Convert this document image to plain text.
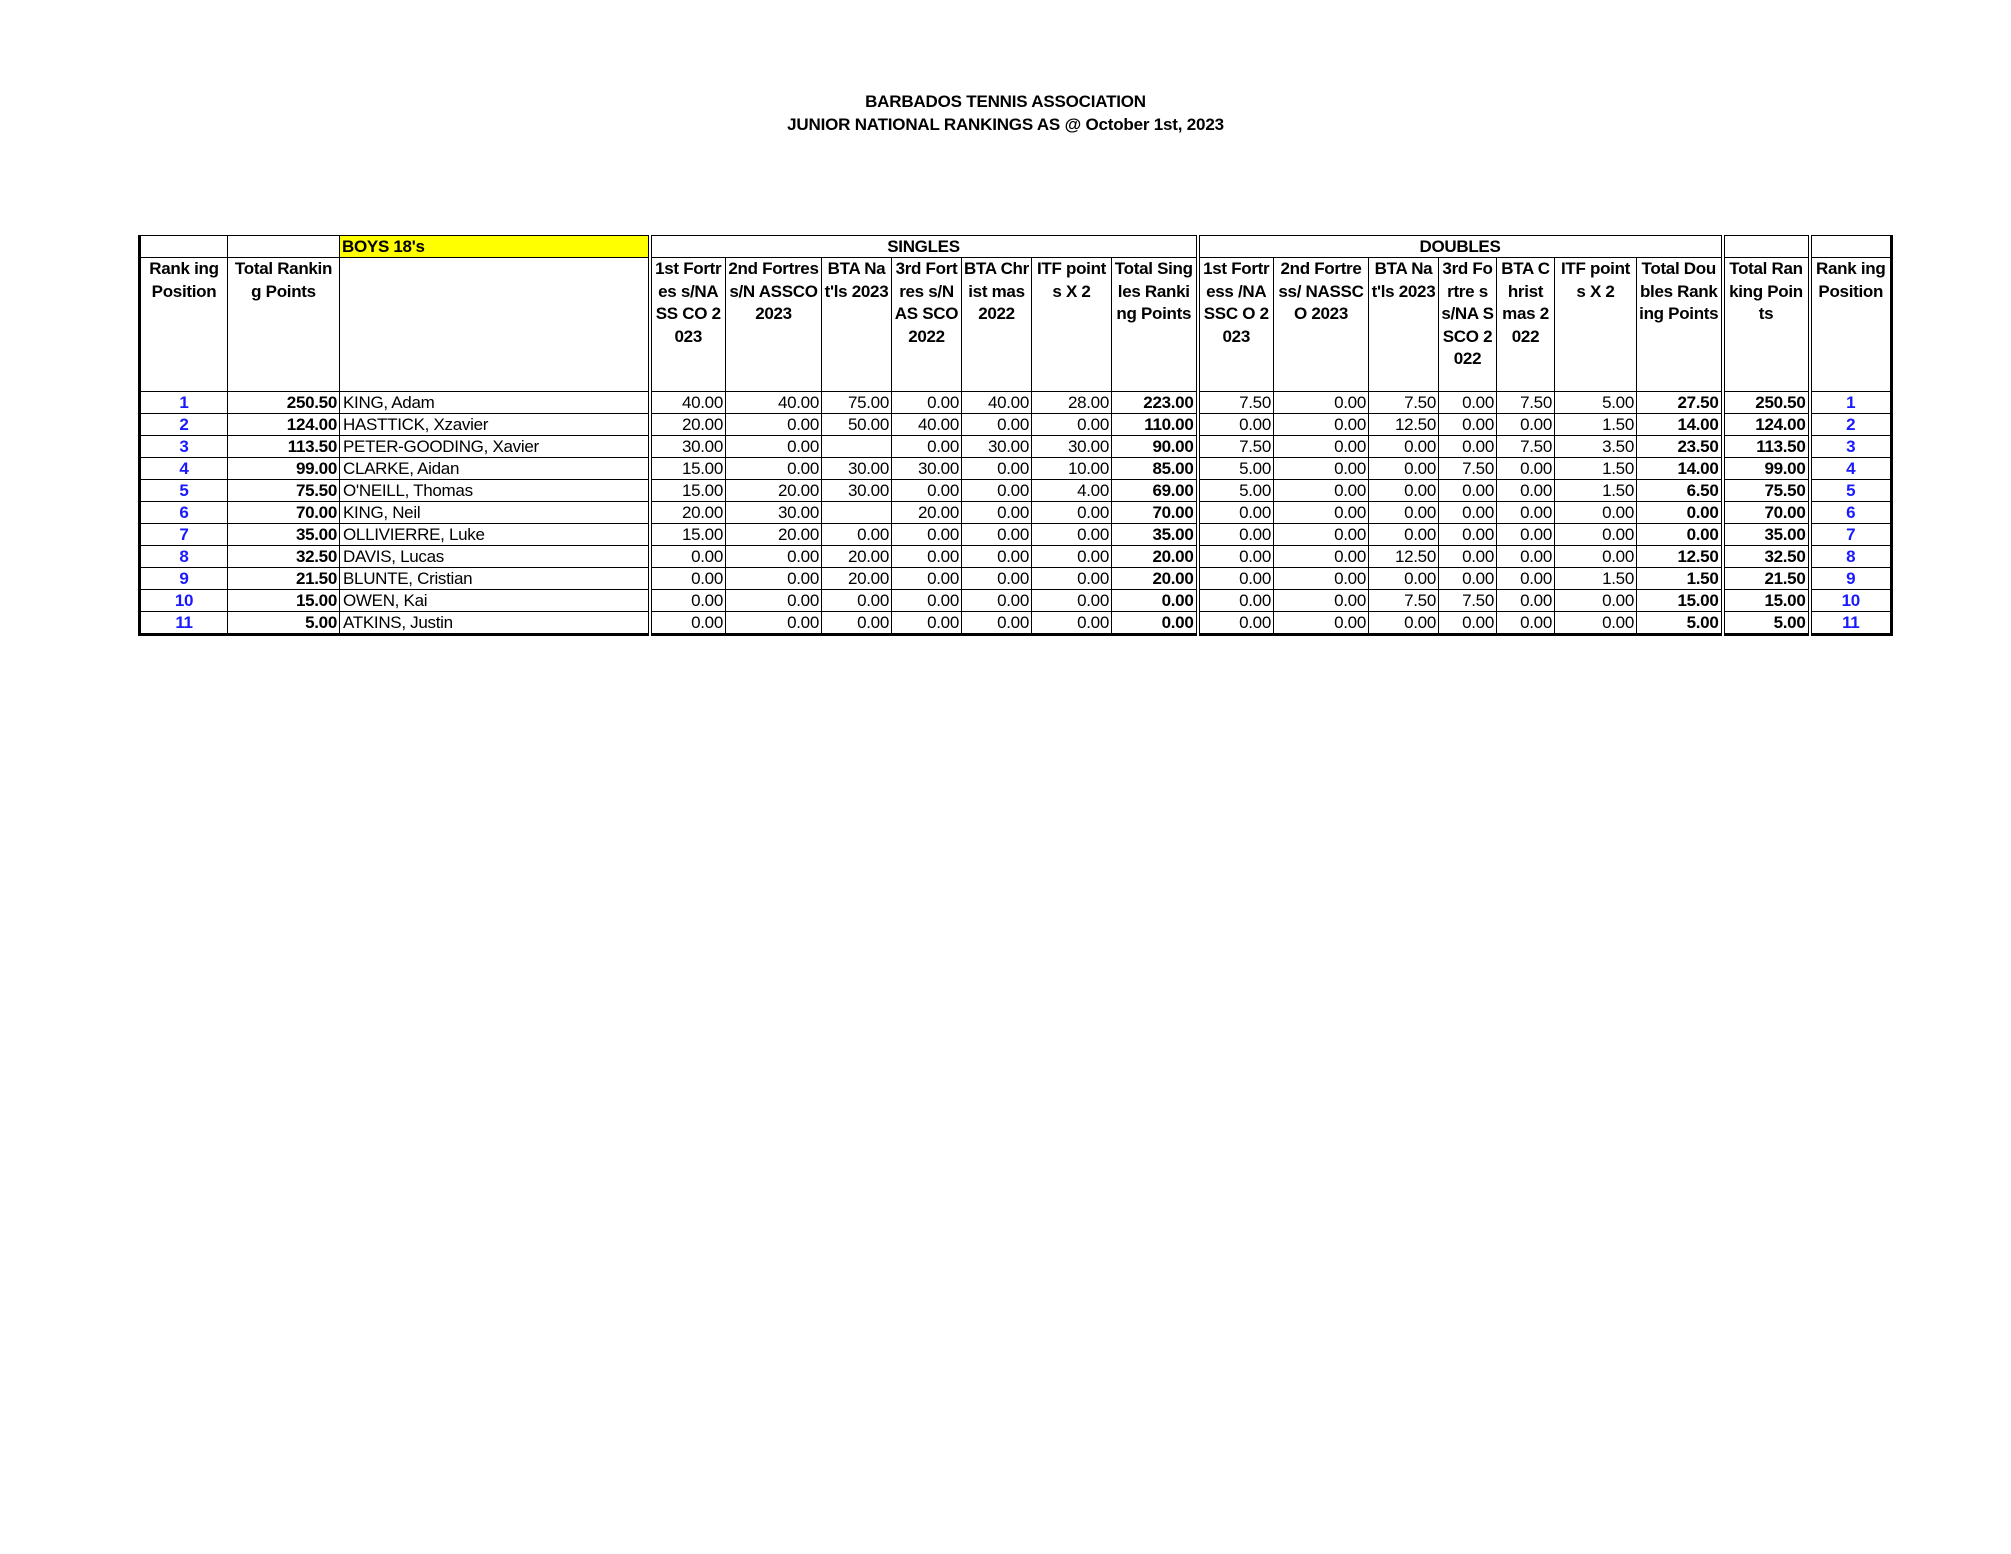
BARBADOS TENNIS ASSOCIATION
JUNIOR NATIONAL RANKINGS AS @ October 1st, 2023
		BOYS 18's	SINGLES							DOUBLES								
Rank ing Position	Total Ranking Points		1st Fortres s/NASS CO 2023	2nd Fortress/N ASSCO 2023	BTA Nat'ls 2023	3rd Fortres s/NAS SCO 2022	BTA Christ mas 2022	ITF points X 2	Total Singles Ranking Points	1st Fortress /NASSC O 2023	2nd Fortress/ NASSCO 2023	BTA Nat'ls 2023	3rd Fortre ss/NA SSCO 2022	BTA Christ mas 2022	ITF points X 2	Total Doubles Ranking Points	Total Ranking Points	Rank ing Position
1	250.50	KING, Adam	40.00	40.00	75.00	0.00	40.00	28.00	223.00	7.50	0.00	7.50	0.00	7.50	5.00	27.50	250.50	1
2	124.00	HASTTICK, Xzavier	20.00	0.00	50.00	40.00	0.00	0.00	110.00	0.00	0.00	12.50	0.00	0.00	1.50	14.00	124.00	2
3	113.50	PETER-GOODING, Xavier	30.00	0.00		0.00	30.00	30.00	90.00	7.50	0.00	0.00	0.00	7.50	3.50	23.50	113.50	3
4	99.00	CLARKE, Aidan	15.00	0.00	30.00	30.00	0.00	10.00	85.00	5.00	0.00	0.00	7.50	0.00	1.50	14.00	99.00	4
5	75.50	O'NEILL, Thomas	15.00	20.00	30.00	0.00	0.00	4.00	69.00	5.00	0.00	0.00	0.00	0.00	1.50	6.50	75.50	5
6	70.00	KING, Neil	20.00	30.00		20.00	0.00	0.00	70.00	0.00	0.00	0.00	0.00	0.00	0.00	0.00	70.00	6
7	35.00	OLLIVIERRE, Luke	15.00	20.00	0.00	0.00	0.00	0.00	35.00	0.00	0.00	0.00	0.00	0.00	0.00	0.00	35.00	7
8	32.50	DAVIS, Lucas	0.00	0.00	20.00	0.00	0.00	0.00	20.00	0.00	0.00	12.50	0.00	0.00	0.00	12.50	32.50	8
9	21.50	BLUNTE, Cristian	0.00	0.00	20.00	0.00	0.00	0.00	20.00	0.00	0.00	0.00	0.00	0.00	1.50	1.50	21.50	9
10	15.00	OWEN, Kai	0.00	0.00	0.00	0.00	0.00	0.00	0.00	0.00	0.00	7.50	7.50	0.00	0.00	15.00	15.00	10
11	5.00	ATKINS, Justin	0.00	0.00	0.00	0.00	0.00	0.00	0.00	0.00	0.00	0.00	0.00	0.00	0.00	5.00	5.00	11
